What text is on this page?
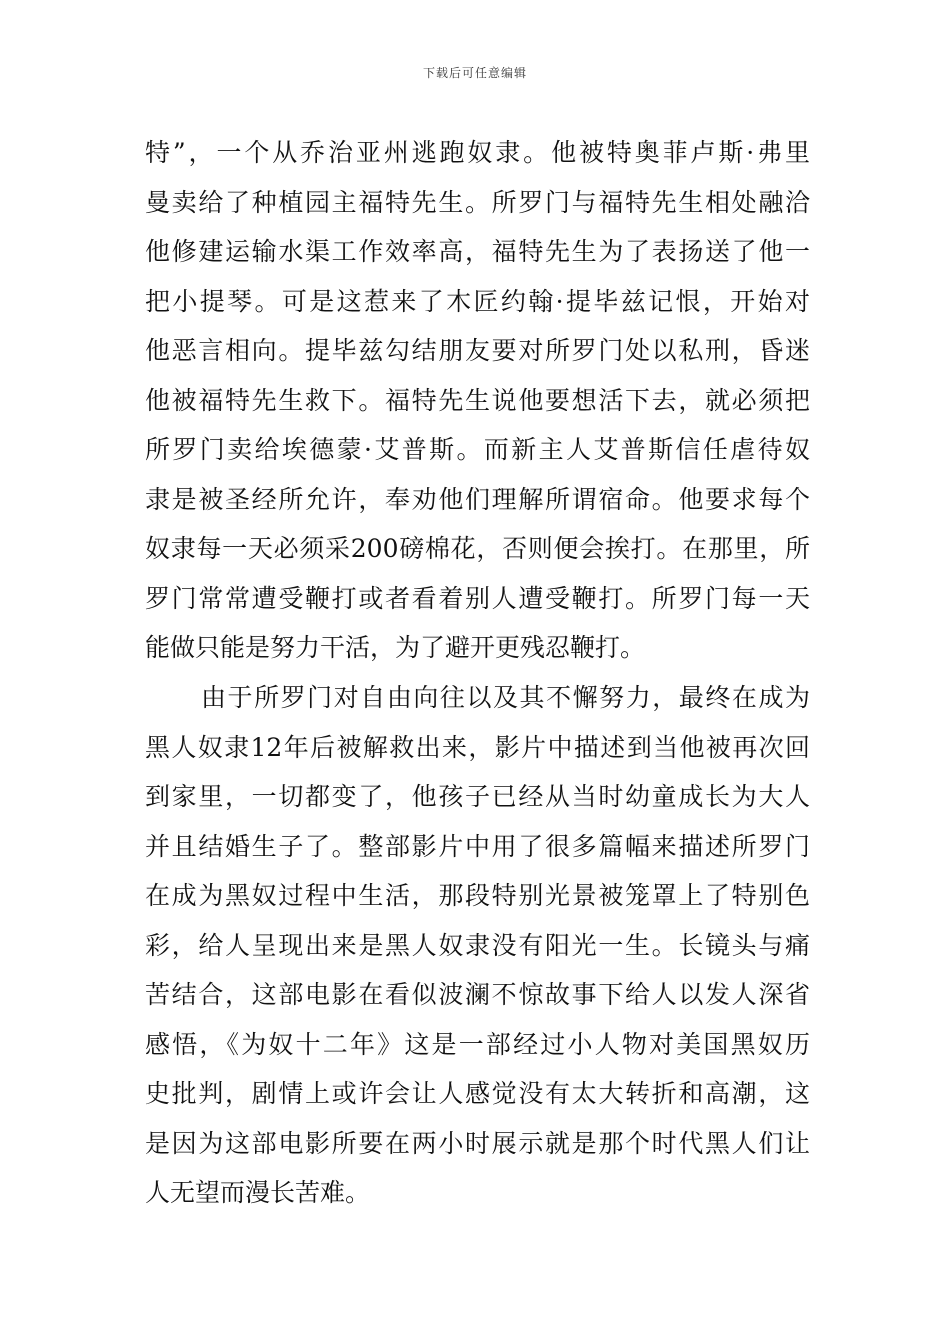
下载后可任意编辑
特”，一个从乔治亚州逃跑奴隶。他被特奥菲卢斯·弗里
曼卖给了种植园主福特先生。所罗门与福特先生相处融洽
他修建运输水渠工作效率高，福特先生为了表扬送了他一
把小提琴。可是这惹来了木匠约翰·提毕兹记恨，开始对
他恶言相向。提毕兹勾结朋友要对所罗门处以私刑，昏迷
他被福特先生救下。福特先生说他要想活下去，就必须把
所罗门卖给埃德蒙·艾普斯。而新主人艾普斯信任虐待奴
隶是被圣经所允许，奉劝他们理解所谓宿命。他要求每个
奴隶每一天必须采200磅棉花，否则便会挨打。在那里，所
罗门常常遭受鞭打或者看着别人遭受鞭打。所罗门每一天
能做只能是努力干活，为了避开更残忍鞭打。
由于所罗门对自由向往以及其不懈努力，最终在成为
黑人奴隶12年后被解救出来，影片中描述到当他被再次回
到家里，一切都变了，他孩子已经从当时幼童成长为大人
并且结婚生子了。整部影片中用了很多篇幅来描述所罗门
在成为黑奴过程中生活，那段特别光景被笼罩上了特别色
彩，给人呈现出来是黑人奴隶没有阳光一生。长镜头与痛
苦结合，这部电影在看似波澜不惊故事下给人以发人深省
感悟，《为奴十二年》这是一部经过小人物对美国黑奴历
史批判，剧情上或许会让人感觉没有太大转折和高潮，这
是因为这部电影所要在两小时展示就是那个时代黑人们让
人无望而漫长苦难。
